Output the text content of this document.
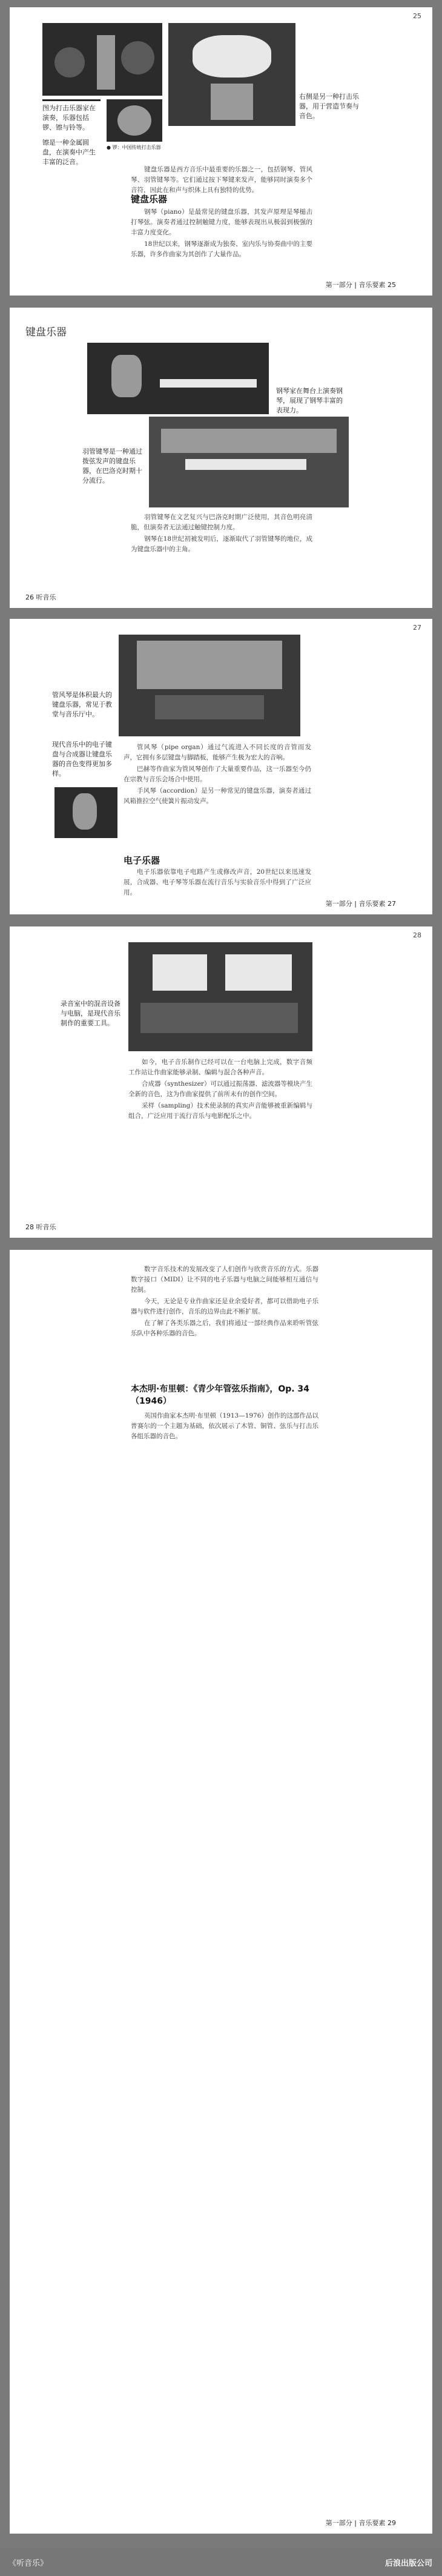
25
图为打击乐器家在演奏，乐器包括锣、镲与铃等。
镲是一种金属圆盘，在演奏中产生丰富的泛音。
● 锣：中国传统打击乐器
右侧是另一种打击乐器，用于营造节奏与音色。

键盘乐器是西方音乐中最重要的乐器之一，包括钢琴、管风琴、羽管键琴等。它们通过按下琴键来发声，能够同时演奏多个音符，因此在和声与织体上具有独特的优势。

键盘乐器

钢琴（piano）是最常见的键盘乐器，其发声原理是琴槌击打琴弦。演奏者通过控制触键力度，能够表现出从极弱到极强的丰富力度变化。

18世纪以来，钢琴逐渐成为独奏、室内乐与协奏曲中的主要乐器，许多作曲家为其创作了大量作品。

第一部分 | 音乐要素 25
键盘乐器
钢琴家在舞台上演奏钢琴，展现了钢琴丰富的表现力。
羽管键琴是一种通过拨弦发声的键盘乐器，在巴洛克时期十分流行。

羽管键琴在文艺复兴与巴洛克时期广泛使用，其音色明亮清脆，但演奏者无法通过触键控制力度。

钢琴在18世纪初被发明后，逐渐取代了羽管键琴的地位，成为键盘乐器中的主角。

26 听音乐
27
管风琴是体积最大的键盘乐器，常见于教堂与音乐厅中。

管风琴（pipe organ）通过气流进入不同长度的音管而发声，它拥有多层键盘与脚踏板，能够产生极为宏大的音响。

巴赫等作曲家为管风琴创作了大量重要作品，这一乐器至今仍在宗教与音乐会场合中使用。

手风琴（accordion）是另一种常见的键盘乐器，演奏者通过风箱推拉空气使簧片振动发声。

现代音乐中的电子键盘与合成器让键盘乐器的音色变得更加多样。
电子乐器

电子乐器依靠电子电路产生或修改声音，20世纪以来迅速发展，合成器、电子琴等乐器在流行音乐与实验音乐中得到了广泛应用。

第一部分 | 音乐要素 27
28
录音室中的混音设备与电脑，是现代音乐制作的重要工具。

如今，电子音乐制作已经可以在一台电脑上完成，数字音频工作站让作曲家能够录制、编辑与混合各种声音。

合成器（synthesizer）可以通过振荡器、滤波器等模块产生全新的音色，这为作曲家提供了前所未有的创作空间。

采样（sampling）技术使录制的真实声音能够被重新编辑与组合，广泛应用于流行音乐与电影配乐之中。

28 听音乐

数字音乐技术的发展改变了人们创作与欣赏音乐的方式。乐器数字接口（MIDI）让不同的电子乐器与电脑之间能够相互通信与控制。

今天，无论是专业作曲家还是业余爱好者，都可以借助电子乐器与软件进行创作，音乐的边界由此不断扩展。

在了解了各类乐器之后，我们将通过一部经典作品来聆听管弦乐队中各种乐器的音色。

本杰明·布里顿：《青少年管弦乐指南》，Op. 34（1946）

英国作曲家本杰明·布里顿（1913—1976）创作的这部作品以普赛尔的一个主题为基础，依次展示了木管、铜管、弦乐与打击乐各组乐器的音色。

第一部分 | 音乐要素 29
《听音乐》	后浪出版公司
